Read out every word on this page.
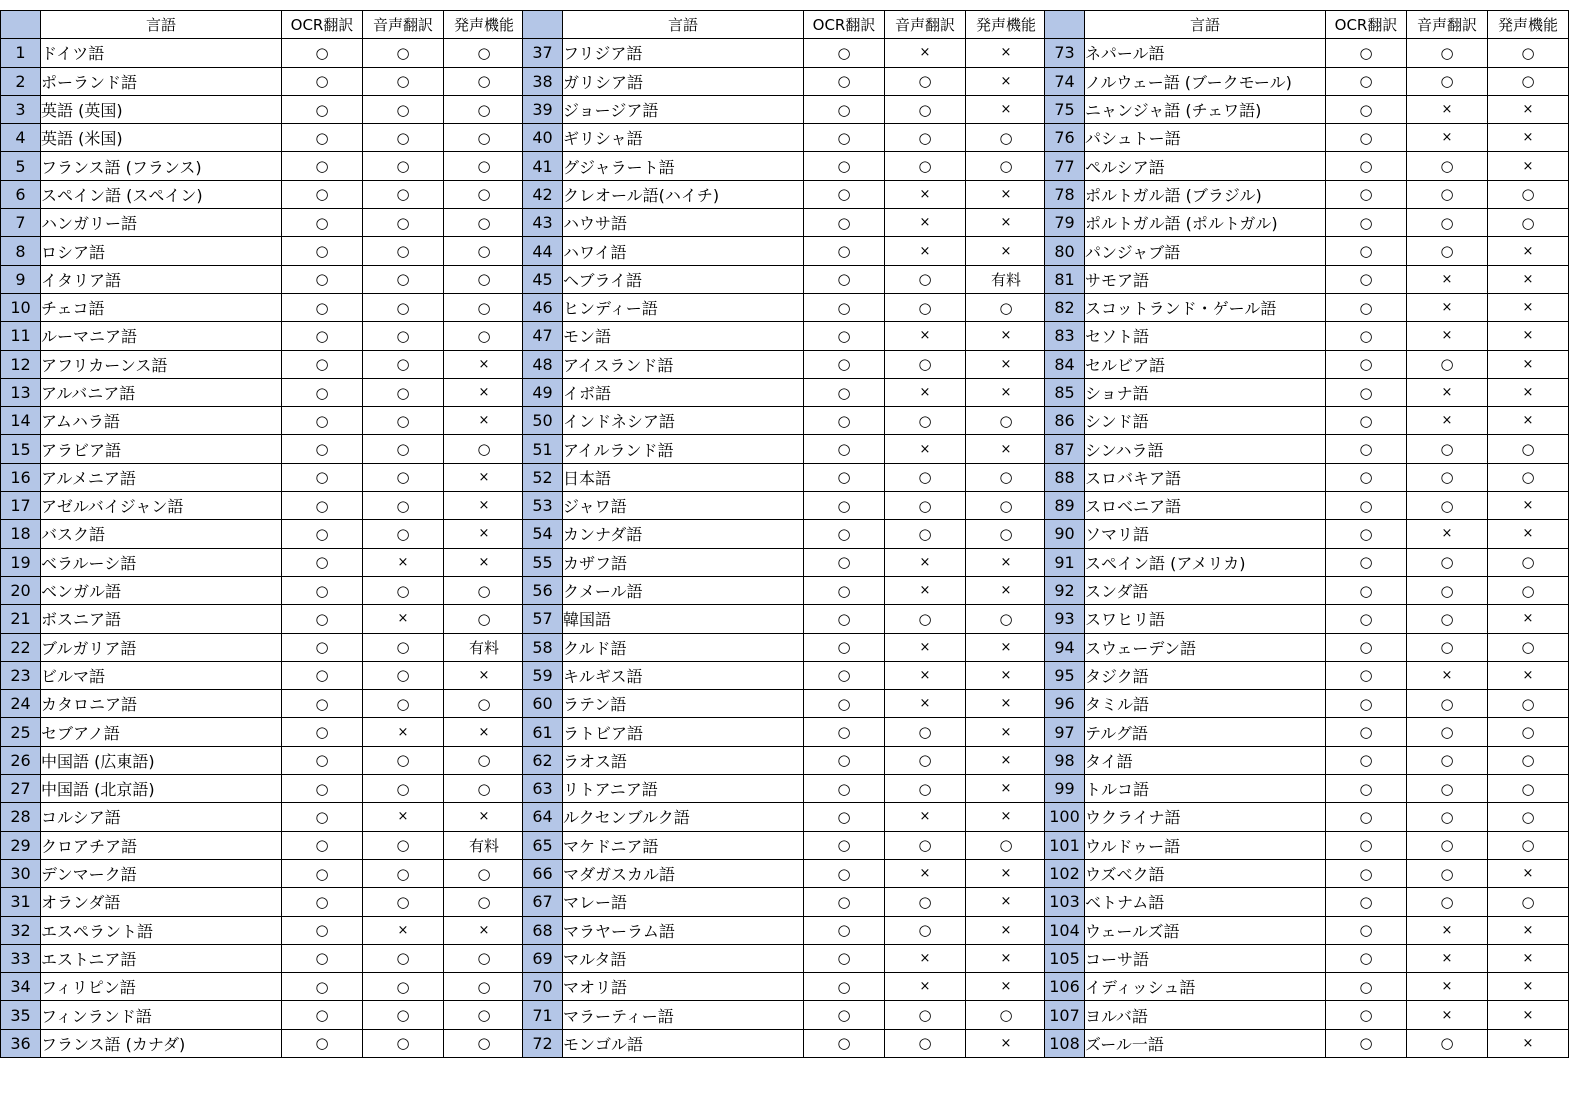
	言語	OCR翻訳	音声翻訳	発声機能
1	ドイツ語	○	○	○
2	ポーランド語	○	○	○
3	英語 (英国)	○	○	○
4	英語 (米国)	○	○	○
5	フランス語 (フランス)	○	○	○
6	スペイン語 (スペイン)	○	○	○
7	ハンガリー語	○	○	○
8	ロシア語	○	○	○
9	イタリア語	○	○	○
10	チェコ語	○	○	○
11	ルーマニア語	○	○	○
12	アフリカーンス語	○	○	×
13	アルバニア語	○	○	×
14	アムハラ語	○	○	×
15	アラビア語	○	○	○
16	アルメニア語	○	○	×
17	アゼルバイジャン語	○	○	×
18	バスク語	○	○	×
19	ベラルーシ語	○	×	×
20	ベンガル語	○	○	○
21	ボスニア語	○	×	○
22	ブルガリア語	○	○	有料
23	ビルマ語	○	○	×
24	カタロニア語	○	○	○
25	セブアノ語	○	×	×
26	中国語 (広東語)	○	○	○
27	中国語 (北京語)	○	○	○
28	コルシア語	○	×	×
29	クロアチア語	○	○	有料
30	デンマーク語	○	○	○
31	オランダ語	○	○	○
32	エスペラント語	○	×	×
33	エストニア語	○	○	○
34	フィリピン語	○	○	○
35	フィンランド語	○	○	○
36	フランス語 (カナダ)	○	○	○
	言語	OCR翻訳	音声翻訳	発声機能
37	フリジア語	○	×	×
38	ガリシア語	○	○	×
39	ジョージア語	○	○	×
40	ギリシャ語	○	○	○
41	グジャラート語	○	○	○
42	クレオール語(ハイチ)	○	×	×
43	ハウサ語	○	×	×
44	ハワイ語	○	×	×
45	ヘブライ語	○	○	有料
46	ヒンディー語	○	○	○
47	モン語	○	×	×
48	アイスランド語	○	○	×
49	イボ語	○	×	×
50	インドネシア語	○	○	○
51	アイルランド語	○	×	×
52	日本語	○	○	○
53	ジャワ語	○	○	○
54	カンナダ語	○	○	○
55	カザフ語	○	×	×
56	クメール語	○	×	×
57	韓国語	○	○	○
58	クルド語	○	×	×
59	キルギス語	○	×	×
60	ラテン語	○	×	×
61	ラトビア語	○	○	×
62	ラオス語	○	○	×
63	リトアニア語	○	○	×
64	ルクセンブルク語	○	×	×
65	マケドニア語	○	○	○
66	マダガスカル語	○	×	×
67	マレー語	○	○	×
68	マラヤーラム語	○	○	×
69	マルタ語	○	×	×
70	マオリ語	○	×	×
71	マラーティー語	○	○	○
72	モンゴル語	○	○	×
	言語	OCR翻訳	音声翻訳	発声機能
73	ネパール語	○	○	○
74	ノルウェー語 (ブークモール)	○	○	○
75	ニャンジャ語 (チェワ語)	○	×	×
76	パシュトー語	○	×	×
77	ペルシア語	○	○	×
78	ポルトガル語 (ブラジル)	○	○	○
79	ポルトガル語 (ポルトガル)	○	○	○
80	パンジャブ語	○	○	×
81	サモア語	○	×	×
82	スコットランド・ゲール語	○	×	×
83	セソト語	○	×	×
84	セルビア語	○	○	×
85	ショナ語	○	×	×
86	シンド語	○	×	×
87	シンハラ語	○	○	○
88	スロバキア語	○	○	○
89	スロベニア語	○	○	×
90	ソマリ語	○	×	×
91	スペイン語 (アメリカ)	○	○	○
92	スンダ語	○	○	○
93	スワヒリ語	○	○	×
94	スウェーデン語	○	○	○
95	タジク語	○	×	×
96	タミル語	○	○	○
97	テルグ語	○	○	○
98	タイ語	○	○	○
99	トルコ語	○	○	○
100	ウクライナ語	○	○	○
101	ウルドゥー語	○	○	○
102	ウズベク語	○	○	×
103	ベトナム語	○	○	○
104	ウェールズ語	○	×	×
105	コーサ語	○	×	×
106	イディッシュ語	○	×	×
107	ヨルバ語	○	×	×
108	ズール一語	○	○	×
